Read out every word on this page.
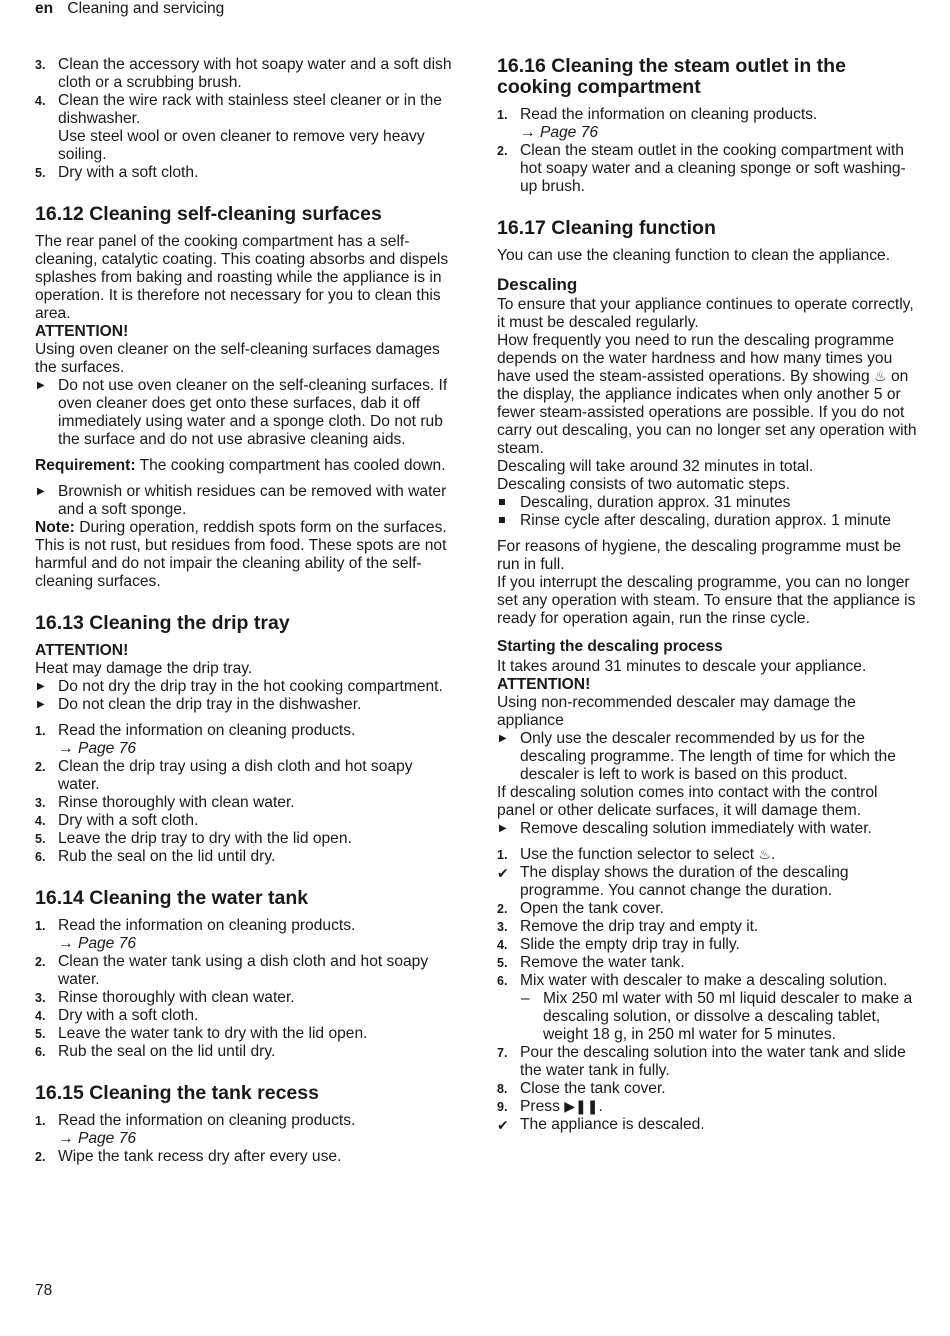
en Cleaning and servicing
3. Clean the accessory with hot soapy water and a soft dish cloth or a scrubbing brush.
4. Clean the wire rack with stainless steel cleaner or in the dishwasher.
Use steel wool or oven cleaner to remove very heavy soiling.
5. Dry with a soft cloth.
16.12 Cleaning self-cleaning surfaces

The rear panel of the cooking compartment has a self-cleaning, catalytic coating. This coating absorbs and dispels splashes from baking and roasting while the appliance is in operation. It is therefore not necessary for you to clean this area.

ATTENTION!

Using oven cleaner on the self-cleaning surfaces damages the surfaces.

▶ Do not use oven cleaner on the self-cleaning surfaces. If oven cleaner does get onto these surfaces, dab it off immediately using water and a sponge cloth. Do not rub the surface and do not use abrasive cleaning aids.

Requirement: The cooking compartment has cooled down.

▶ Brownish or whitish residues can be removed with water and a soft sponge.

Note: During operation, reddish spots form on the surfaces. This is not rust, but residues from food. These spots are not harmful and do not impair the cleaning ability of the self-cleaning surfaces.

16.13 Cleaning the drip tray

ATTENTION!

Heat may damage the drip tray.

▶ Do not dry the drip tray in the hot cooking compartment.
▶ Do not clean the drip tray in the dishwasher.
1. Read the information on cleaning products.
→ Page 76
2. Clean the drip tray using a dish cloth and hot soapy water.
3. Rinse thoroughly with clean water.
4. Dry with a soft cloth.
5. Leave the drip tray to dry with the lid open.
6. Rub the seal on the lid until dry.
16.14 Cleaning the water tank
1. Read the information on cleaning products.
→ Page 76
2. Clean the water tank using a dish cloth and hot soapy water.
3. Rinse thoroughly with clean water.
4. Dry with a soft cloth.
5. Leave the water tank to dry with the lid open.
6. Rub the seal on the lid until dry.
16.15 Cleaning the tank recess
1. Read the information on cleaning products.
→ Page 76
2. Wipe the tank recess dry after every use.
16.16 Cleaning the steam outlet in the cooking compartment
1. Read the information on cleaning products.
→ Page 76
2. Clean the steam outlet in the cooking compartment with hot soapy water and a cleaning sponge or soft washing-up brush.
16.17 Cleaning function

You can use the cleaning function to clean the appliance.

Descaling

To ensure that your appliance continues to operate correctly, it must be descaled regularly.

How frequently you need to run the descaling programme depends on the water hardness and how many times you have used the steam-assisted operations. By showing ♨ on the display, the appliance indicates when only another 5 or fewer steam-assisted operations are possible. If you do not carry out descaling, you can no longer set any operation with steam.

Descaling will take around 32 minutes in total.

Descaling consists of two automatic steps.

Descaling, duration approx. 31 minutes
Rinse cycle after descaling, duration approx. 1 minute

For reasons of hygiene, the descaling programme must be run in full.

If you interrupt the descaling programme, you can no longer set any operation with steam. To ensure that the appliance is ready for operation again, run the rinse cycle.

Starting the descaling process

It takes around 31 minutes to descale your appliance.

ATTENTION!

Using non-recommended descaler may damage the appliance

▶ Only use the descaler recommended by us for the descaling programme. The length of time for which the descaler is left to work is based on this product.

If descaling solution comes into contact with the control panel or other delicate surfaces, it will damage them.

▶ Remove descaling solution immediately with water.
1. Use the function selector to select ♨.
✔ The display shows the duration of the descaling programme. You cannot change the duration.
2. Open the tank cover.
3. Remove the drip tray and empty it.
4. Slide the empty drip tray in fully.
5. Remove the water tank.
6. Mix water with descaler to make a descaling solution.
– Mix 250 ml water with 50 ml liquid descaler to make a descaling solution, or dissolve a descaling tablet, weight 18 g, in 250 ml water for 5 minutes.
7. Pour the descaling solution into the water tank and slide the water tank in fully.
8. Close the tank cover.
9. Press ▶❚❚.
✔ The appliance is descaled.
78
